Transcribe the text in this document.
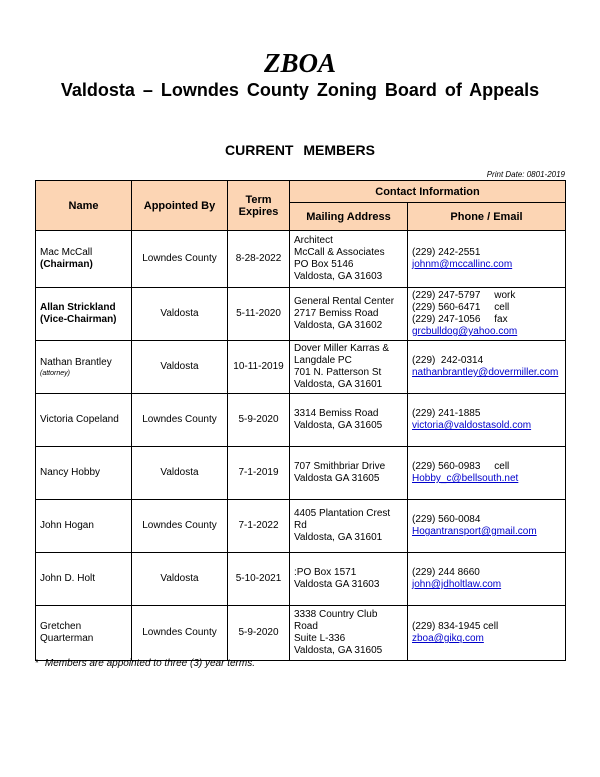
ZBOA
Valdosta – Lowndes County Zoning Board of Appeals
CURRENT MEMBERS
Print Date: 0801-2019
Name	Appointed By	Term Expires	Contact Information	
			Mailing Address	Phone / Email

Mac McCall
(Chairman)	Lowndes County	8-28-2022	Architect
McCall & Associates
PO Box 5146
Valdosta, GA 31603	(229) 242-2551
johnm@mccallinc.com

Allan Strickland
(Vice-Chairman)	Valdosta	5-11-2020	General Rental Center
2717 Bemiss Road
Valdosta, GA 31602	(229) 247-5797     work
(229) 560-6471     cell
(229) 247-1056     fax
grcbulldog@yahoo.com

Nathan Brantley
(attorney)	Valdosta	10-11-2019	Dover Miller Karras &
Langdale PC
701 N. Patterson St
Valdosta, GA 31601	(229)  242-0314
nathanbrantley@dovermiller.com

Victoria Copeland	Lowndes County	5-9-2020	3314 Bemiss Road
Valdosta, GA 31605	(229) 241-1885
victoria@valdostasold.com

Nancy Hobby	Valdosta	7-1-2019	707 Smithbriar Drive
Valdosta GA 31605	(229) 560-0983     cell
Hobby_c@bellsouth.net

John Hogan	Lowndes County	7-1-2022	4405 Plantation Crest
Rd
Valdosta, GA 31601	(229) 560-0084
Hogantransport@gmail.com

John D. Holt	Valdosta	5-10-2021	:PO Box 1571
Valdosta GA 31603	(229) 244 8660
john@jdholtlaw.com

Gretchen Quarterman	Lowndes County	5-9-2020	3338 Country Club
Road
Suite L-336
Valdosta, GA 31605	(229) 834-1945 cell
zboa@gikq.com
* Members are appointed to three (3) year terms.
